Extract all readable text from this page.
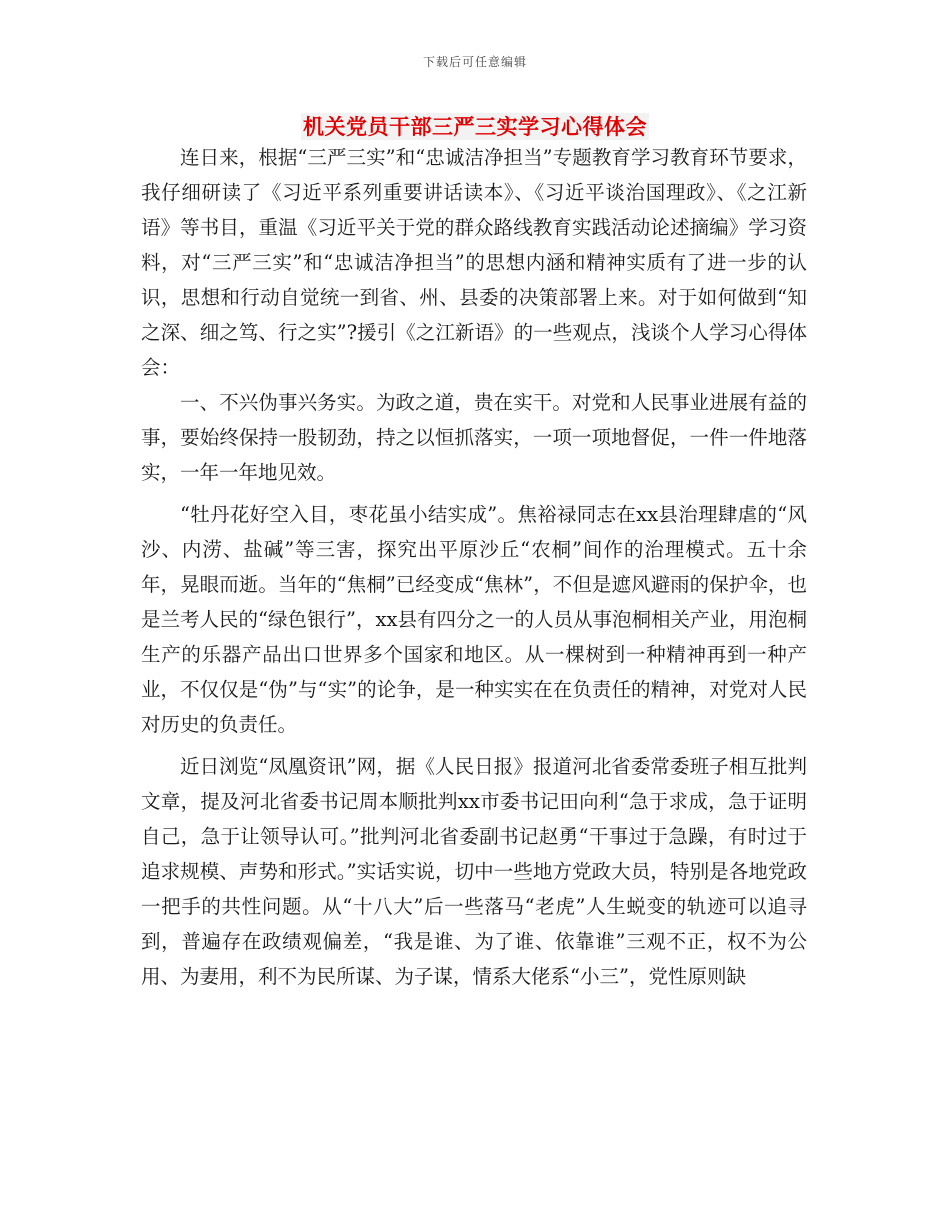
下载后可任意编辑
机关党员干部三严三实学习心得体会

连日来，根据“三严三实”和“忠诚洁净担当”专题教育学习教育环节要求，我仔细研读了《习近平系列重要讲话读本》、《习近平谈治国理政》、《之江新语》等书目，重温《习近平关于党的群众路线教育实践活动论述摘编》学习资料，对“三严三实”和“忠诚洁净担当”的思想内涵和精神实质有了进一步的认识，思想和行动自觉统一到省、州、县委的决策部署上来。对于如何做到“知之深、细之笃、行之实”?援引《之江新语》的一些观点，浅谈个人学习心得体会：

一、不兴伪事兴务实。为政之道，贵在实干。对党和人民事业进展有益的事，要始终保持一股韧劲，持之以恒抓落实，一项一项地督促，一件一件地落实，一年一年地见效。

“牡丹花好空入目，枣花虽小结实成”。焦裕禄同志在xx县治理肆虐的“风沙、内涝、盐碱”等三害，探究出平原沙丘“农桐”间作的治理模式。五十余年，晃眼而逝。当年的“焦桐”已经变成“焦林”，不但是遮风避雨的保护伞，也是兰考人民的“绿色银行”，xx县有四分之一的人员从事泡桐相关产业，用泡桐生产的乐器产品出口世界多个国家和地区。从一棵树到一种精神再到一种产业，不仅仅是“伪”与“实”的论争，是一种实实在在负责任的精神，对党对人民对历史的负责任。

近日浏览“凤凰资讯”网，据《人民日报》报道河北省委常委班子相互批判文章，提及河北省委书记周本顺批判xx市委书记田向利“急于求成，急于证明自己，急于让领导认可。”批判河北省委副书记赵勇“干事过于急躁，有时过于追求规模、声势和形式。”实话实说，切中一些地方党政大员，特别是各地党政一把手的共性问题。从“十八大”后一些落马“老虎”人生蜕变的轨迹可以追寻到，普遍存在政绩观偏差，“我是谁、为了谁、依靠谁”三观不正，权不为公用、为妻用，利不为民所谋、为子谋，情系大佬系“小三”，党性原则缺
